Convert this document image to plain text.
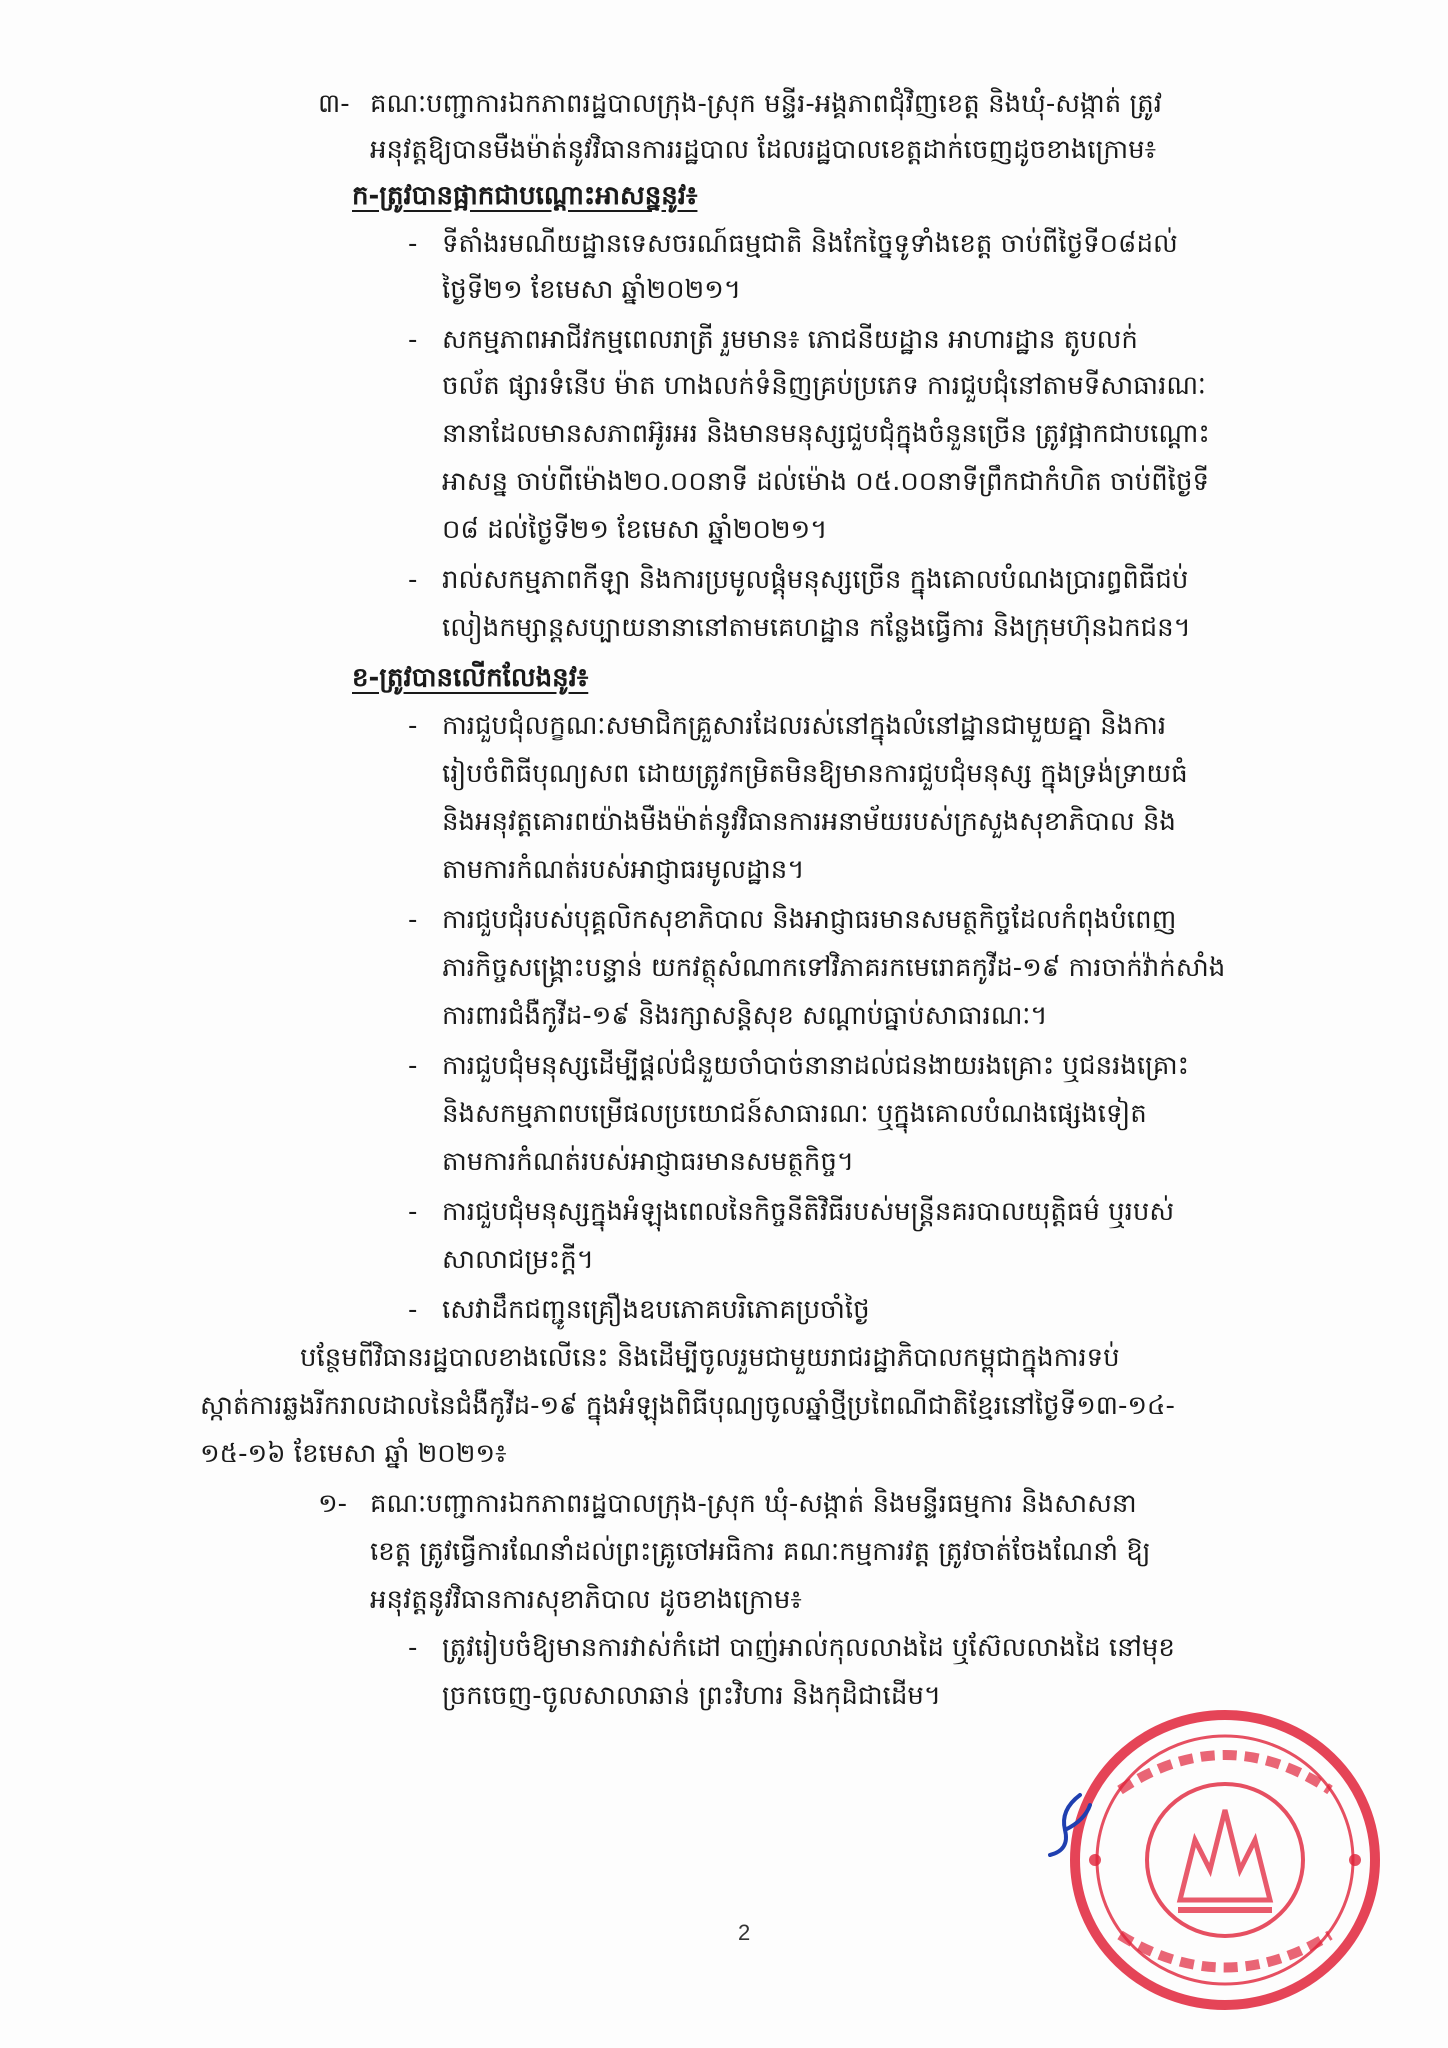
៣- គណៈបញ្ជាការឯកភាពរដ្ឋបាលក្រុង-ស្រុក មន្ទីរ-អង្គភាពជុំវិញខេត្ត និងឃុំ-សង្កាត់ ត្រូវ
អនុវត្តឱ្យបានមឺងម៉ាត់នូវវិធានការរដ្ឋបាល ដែលរដ្ឋបាលខេត្តដាក់ចេញដូចខាងក្រោម៖
ក-ត្រូវបានផ្អាកជាបណ្តោះអាសន្ននូវ៖
- ទីតាំងរមណីយដ្ឋានទេសចរណ៍ធម្មជាតិ និងកែច្នៃទូទាំងខេត្ត ចាប់ពីថ្ងៃទី០៨ដល់
ថ្ងៃទី២១ ខែមេសា ឆ្នាំ២០២១។
- សកម្មភាពអាជីវកម្មពេលរាត្រី រួមមាន៖ ភោជនីយដ្ឋាន អាហារដ្ឋាន តូបលក់
ចល័ត ផ្សារទំនើប ម៉ាត ហាងលក់ទំនិញគ្រប់ប្រភេទ ការជួបជុំនៅតាមទីសាធារណៈ
នានាដែលមានសភាពអ៊ូរអរ និងមានមនុស្សជួបជុំក្នុងចំនួនច្រើន ត្រូវផ្អាកជាបណ្តោះ
អាសន្ន ចាប់ពីម៉ោង២០.០០នាទី ដល់ម៉ោង ០៥.០០នាទីព្រឹកជាកំហិត ចាប់ពីថ្ងៃទី
០៨ ដល់ថ្ងៃទី២១ ខែមេសា ឆ្នាំ២០២១។
- រាល់សកម្មភាពកីឡា និងការប្រមូលផ្តុំមនុស្សច្រើន ក្នុងគោលបំណងប្រារព្ធពិធីជប់
លៀងកម្សាន្តសប្បាយនានានៅតាមគេហដ្ឋាន កន្លែងធ្វើការ និងក្រុមហ៊ុនឯកជន។
ខ-ត្រូវបានលើកលែងនូវ៖
- ការជួបជុំលក្ខណៈសមាជិកគ្រួសារដែលរស់នៅក្នុងលំនៅដ្ឋានជាមួយគ្នា និងការ
រៀបចំពិធីបុណ្យសព ដោយត្រូវកម្រិតមិនឱ្យមានការជួបជុំមនុស្ស ក្នុងទ្រង់ទ្រាយធំ
និងអនុវត្តគោរពយ៉ាងមឺងម៉ាត់នូវវិធានការអនាម័យរបស់ក្រសួងសុខាភិបាល និង
តាមការកំណត់របស់អាជ្ញាធរមូលដ្ឋាន។
- ការជួបជុំរបស់បុគ្គលិកសុខាភិបាល និងអាជ្ញាធរមានសមត្ថកិច្ចដែលកំពុងបំពេញ
ភារកិច្ចសង្គ្រោះបន្ទាន់ យកវត្ថុសំណាកទៅវិភាគរកមេរោគកូវីដ-១៩ ការចាក់វ៉ាក់សាំង
ការពារជំងឺកូវីដ-១៩ និងរក្សាសន្តិសុខ សណ្តាប់ធ្នាប់សាធារណៈ។
- ការជួបជុំមនុស្សដើម្បីផ្តល់ជំនួយចាំបាច់នានាដល់ជនងាយរងគ្រោះ ឬជនរងគ្រោះ
និងសកម្មភាពបម្រើផលប្រយោជន៍សាធារណៈ ឬក្នុងគោលបំណងផ្សេងទៀត
តាមការកំណត់របស់អាជ្ញាធរមានសមត្ថកិច្ច។
- ការជួបជុំមនុស្សក្នុងអំឡុងពេលនៃកិច្ចនីតិវិធីរបស់មន្ត្រីនគរបាលយុត្តិធម៌ ឬរបស់
សាលាជម្រះក្តី។
- សេវាដឹកជញ្ជូនគ្រឿងឧបភោគបរិភោគប្រចាំថ្ងៃ
បន្ថែមពីវិធានរដ្ឋបាលខាងលើនេះ និងដើម្បីចូលរួមជាមួយរាជរដ្ឋាភិបាលកម្ពុជាក្នុងការទប់
ស្កាត់ការឆ្លងរីករាលដាលនៃជំងឺកូវីដ-១៩ ក្នុងអំឡុងពិធីបុណ្យចូលឆ្នាំថ្មីប្រពៃណីជាតិខ្មែរនៅថ្ងៃទី១៣-១៤-
១៥-១៦ ខែមេសា ឆ្នាំ ២០២១៖
១- គណៈបញ្ជាការឯកភាពរដ្ឋបាលក្រុង-ស្រុក ឃុំ-សង្កាត់ និងមន្ទីរធម្មការ និងសាសនា
ខេត្ត ត្រូវធ្វើការណែនាំដល់ព្រះគ្រូចៅអធិការ គណៈកម្មការវត្ត ត្រូវចាត់ចែងណែនាំ ឱ្យ
អនុវត្តនូវវិធានការសុខាភិបាល ដូចខាងក្រោម៖
- ត្រូវរៀបចំឱ្យមានការវាស់កំដៅ បាញ់អាល់កុលលាងដៃ ឬស៊ែលលាងដៃ នៅមុខ
ច្រកចេញ-ចូលសាលាឆាន់ ព្រះវិហារ និងកុដិជាដើម។
2
